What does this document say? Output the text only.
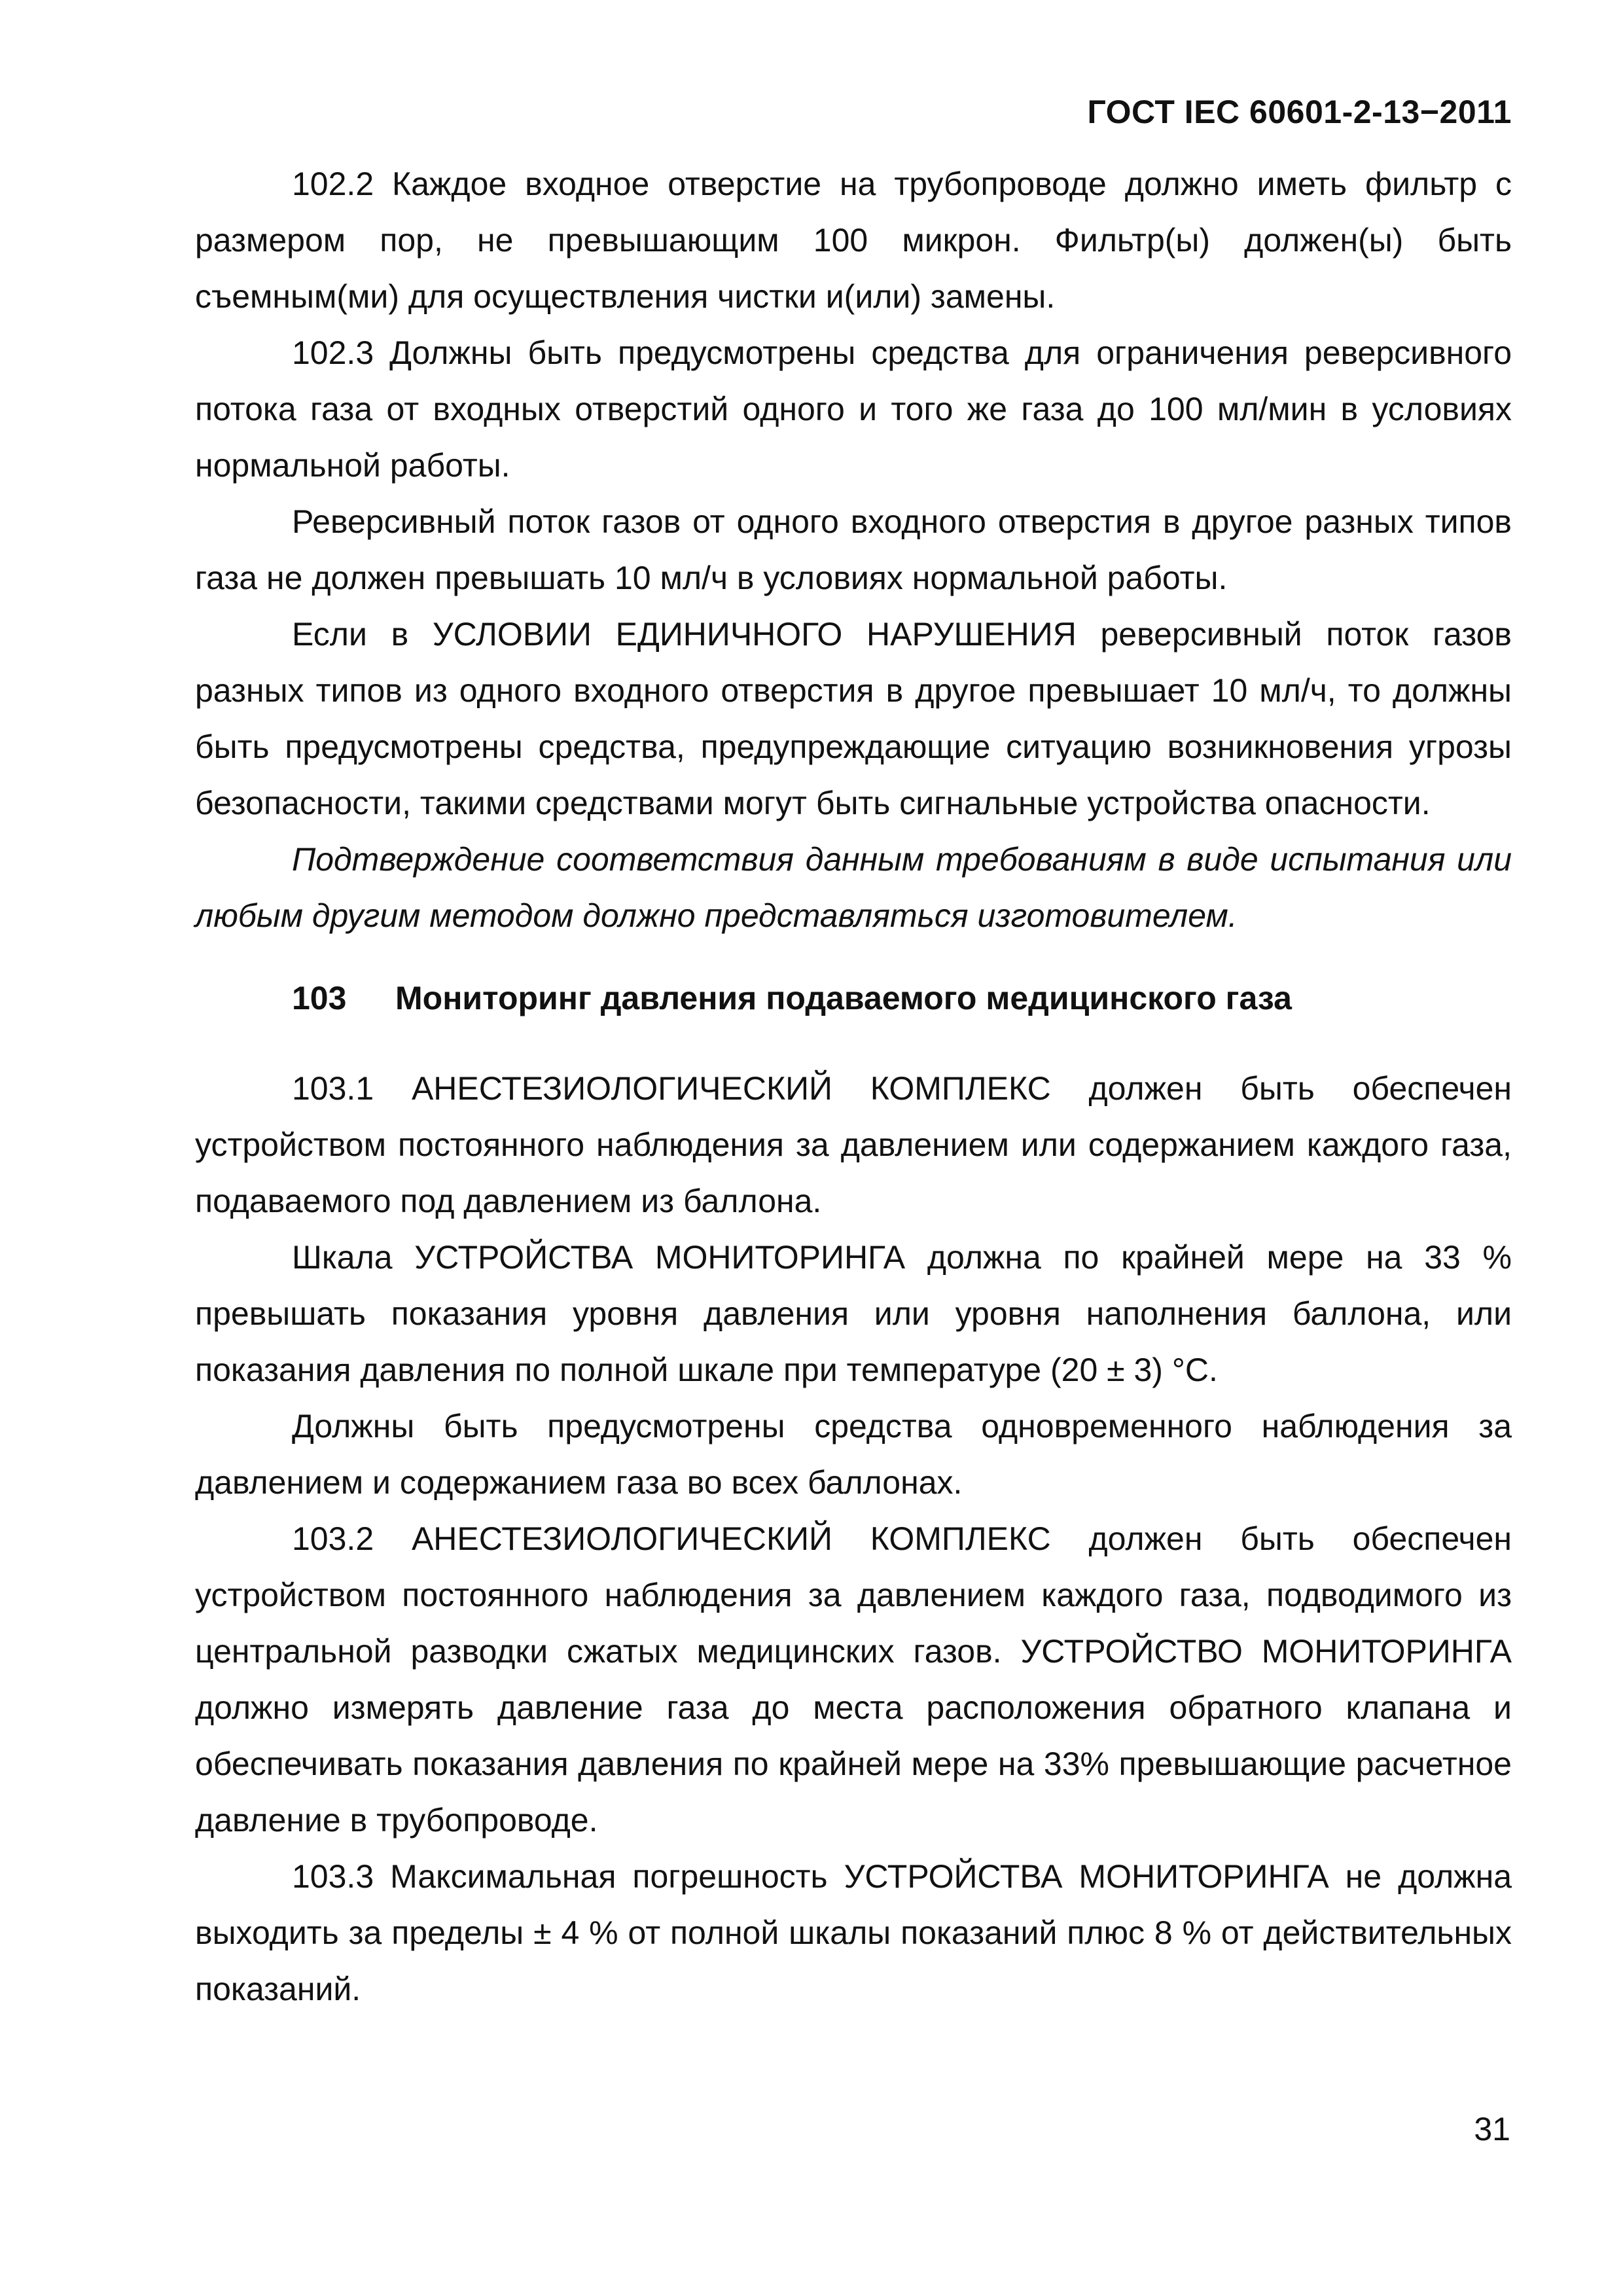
ГОСТ IEC 60601-2-13−2011

102.2 Каждое входное отверстие на трубопроводе должно иметь фильтр с размером пор, не превышающим 100 микрон. Фильтр(ы) должен(ы) быть съемным(ми) для осуществления чистки и(или) замены.

102.3 Должны быть предусмотрены средства для ограничения реверсивного потока газа от входных отверстий одного и того же газа до 100 мл/мин в условиях нормальной работы.

Реверсивный поток газов от одного входного отверстия в другое разных типов газа не должен превышать 10 мл/ч в условиях нормальной работы.

Если в УСЛОВИИ ЕДИНИЧНОГО НАРУШЕНИЯ реверсивный поток газов разных типов из одного входного отверстия в другое превышает 10 мл/ч, то должны быть предусмотрены средства, предупреждающие ситуацию возникновения угрозы безопасности, такими средствами могут быть сигнальные устройства опасности.

Подтверждение соответствия данным требованиям в виде испытания или любым другим методом должно представляться изготовителем.

103 Мониторинг давления подаваемого медицинского газа

103.1 АНЕСТЕЗИОЛОГИЧЕСКИЙ КОМПЛЕКС должен быть обеспечен устройством постоянного наблюдения за давлением или содержанием каждого газа, подаваемого под давлением из баллона.

Шкала УСТРОЙСТВА МОНИТОРИНГА должна по крайней мере на 33 % превышать показания уровня давления или уровня наполнения баллона, или показания давления по полной шкале при температуре (20 ± 3) °С.

Должны быть предусмотрены средства одновременного наблюдения за давлением и содержанием газа во всех баллонах.

103.2 АНЕСТЕЗИОЛОГИЧЕСКИЙ КОМПЛЕКС должен быть обеспечен устройством постоянного наблюдения за давлением каждого газа, подводимого из центральной разводки сжатых медицинских газов. УСТРОЙСТВО МОНИТОРИНГА должно измерять давление газа до места расположения обратного клапана и обеспечивать показания давления по крайней мере на 33% превышающие расчетное давление в трубопроводе.

103.3 Максимальная погрешность УСТРОЙСТВА МОНИТОРИНГА не должна выходить за пределы ± 4 % от полной шкалы показаний плюс 8 % от действительных показаний.

31
